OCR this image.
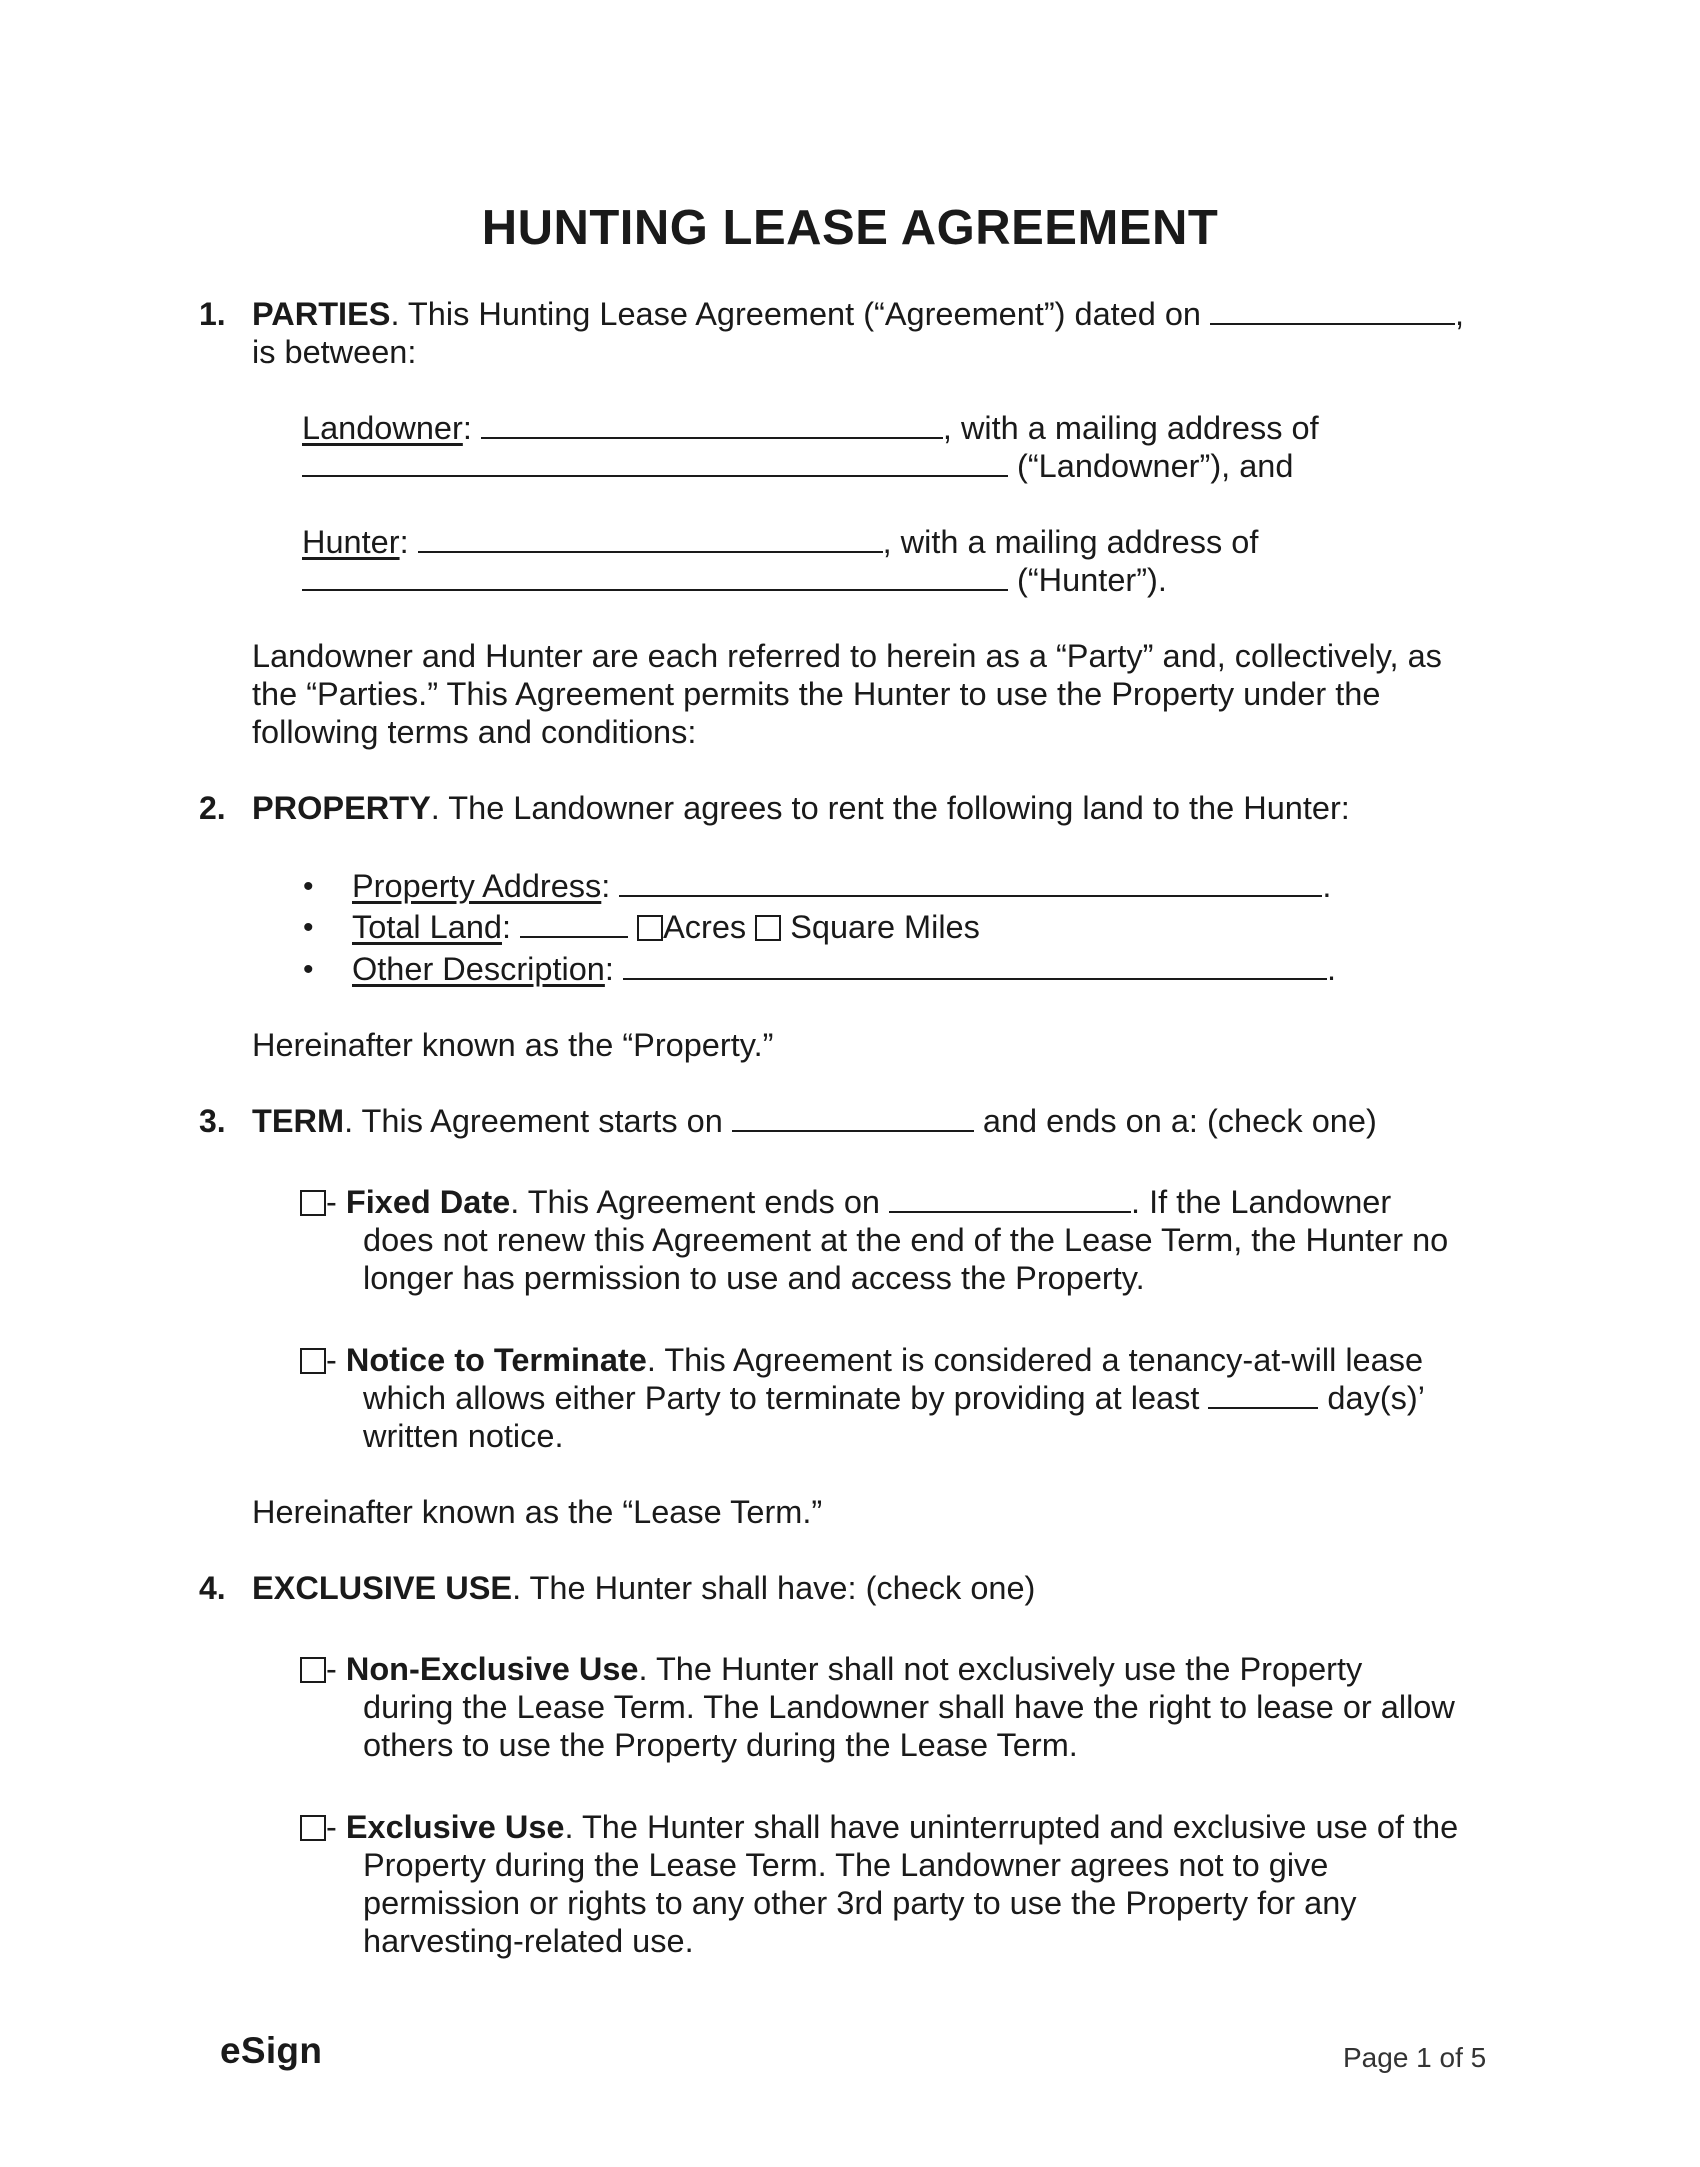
HUNTING LEASE AGREEMENT
1. PARTIES. This Hunting Lease Agreement (“Agreement”) dated on	,
is between:
Landowner:	, with a mailing address of
(“Landowner”), and
Hunter:	, with a mailing address of
(“Hunter”).
Landowner and Hunter are each referred to herein as a “Party” and, collectively, as
the “Parties.” This Agreement permits the Hunter to use the Property under the
following terms and conditions:
2. PROPERTY. The Landowner agrees to rent the following land to the Hunter:
• Property Address:	.
• Total Land:	Acres Square Miles
• Other Description:	.
Hereinafter known as the “Property.”
3. TERM. This Agreement starts on	and ends on a: (check one)
- Fixed Date. This Agreement ends on	. If the Landowner
does not renew this Agreement at the end of the Lease Term, the Hunter no
longer has permission to use and access the Property.
- Notice to Terminate. This Agreement is considered a tenancy-at-will lease
which allows either Party to terminate by providing at least	day(s)’
written notice.
Hereinafter known as the “Lease Term.”
4. EXCLUSIVE USE. The Hunter shall have: (check one)
- Non-Exclusive Use. The Hunter shall not exclusively use the Property
during the Lease Term. The Landowner shall have the right to lease or allow
others to use the Property during the Lease Term.
- Exclusive Use. The Hunter shall have uninterrupted and exclusive use of the
Property during the Lease Term. The Landowner agrees not to give
permission or rights to any other 3rd party to use the Property for any
harvesting-related use.
eSign	Page 1 of 5
